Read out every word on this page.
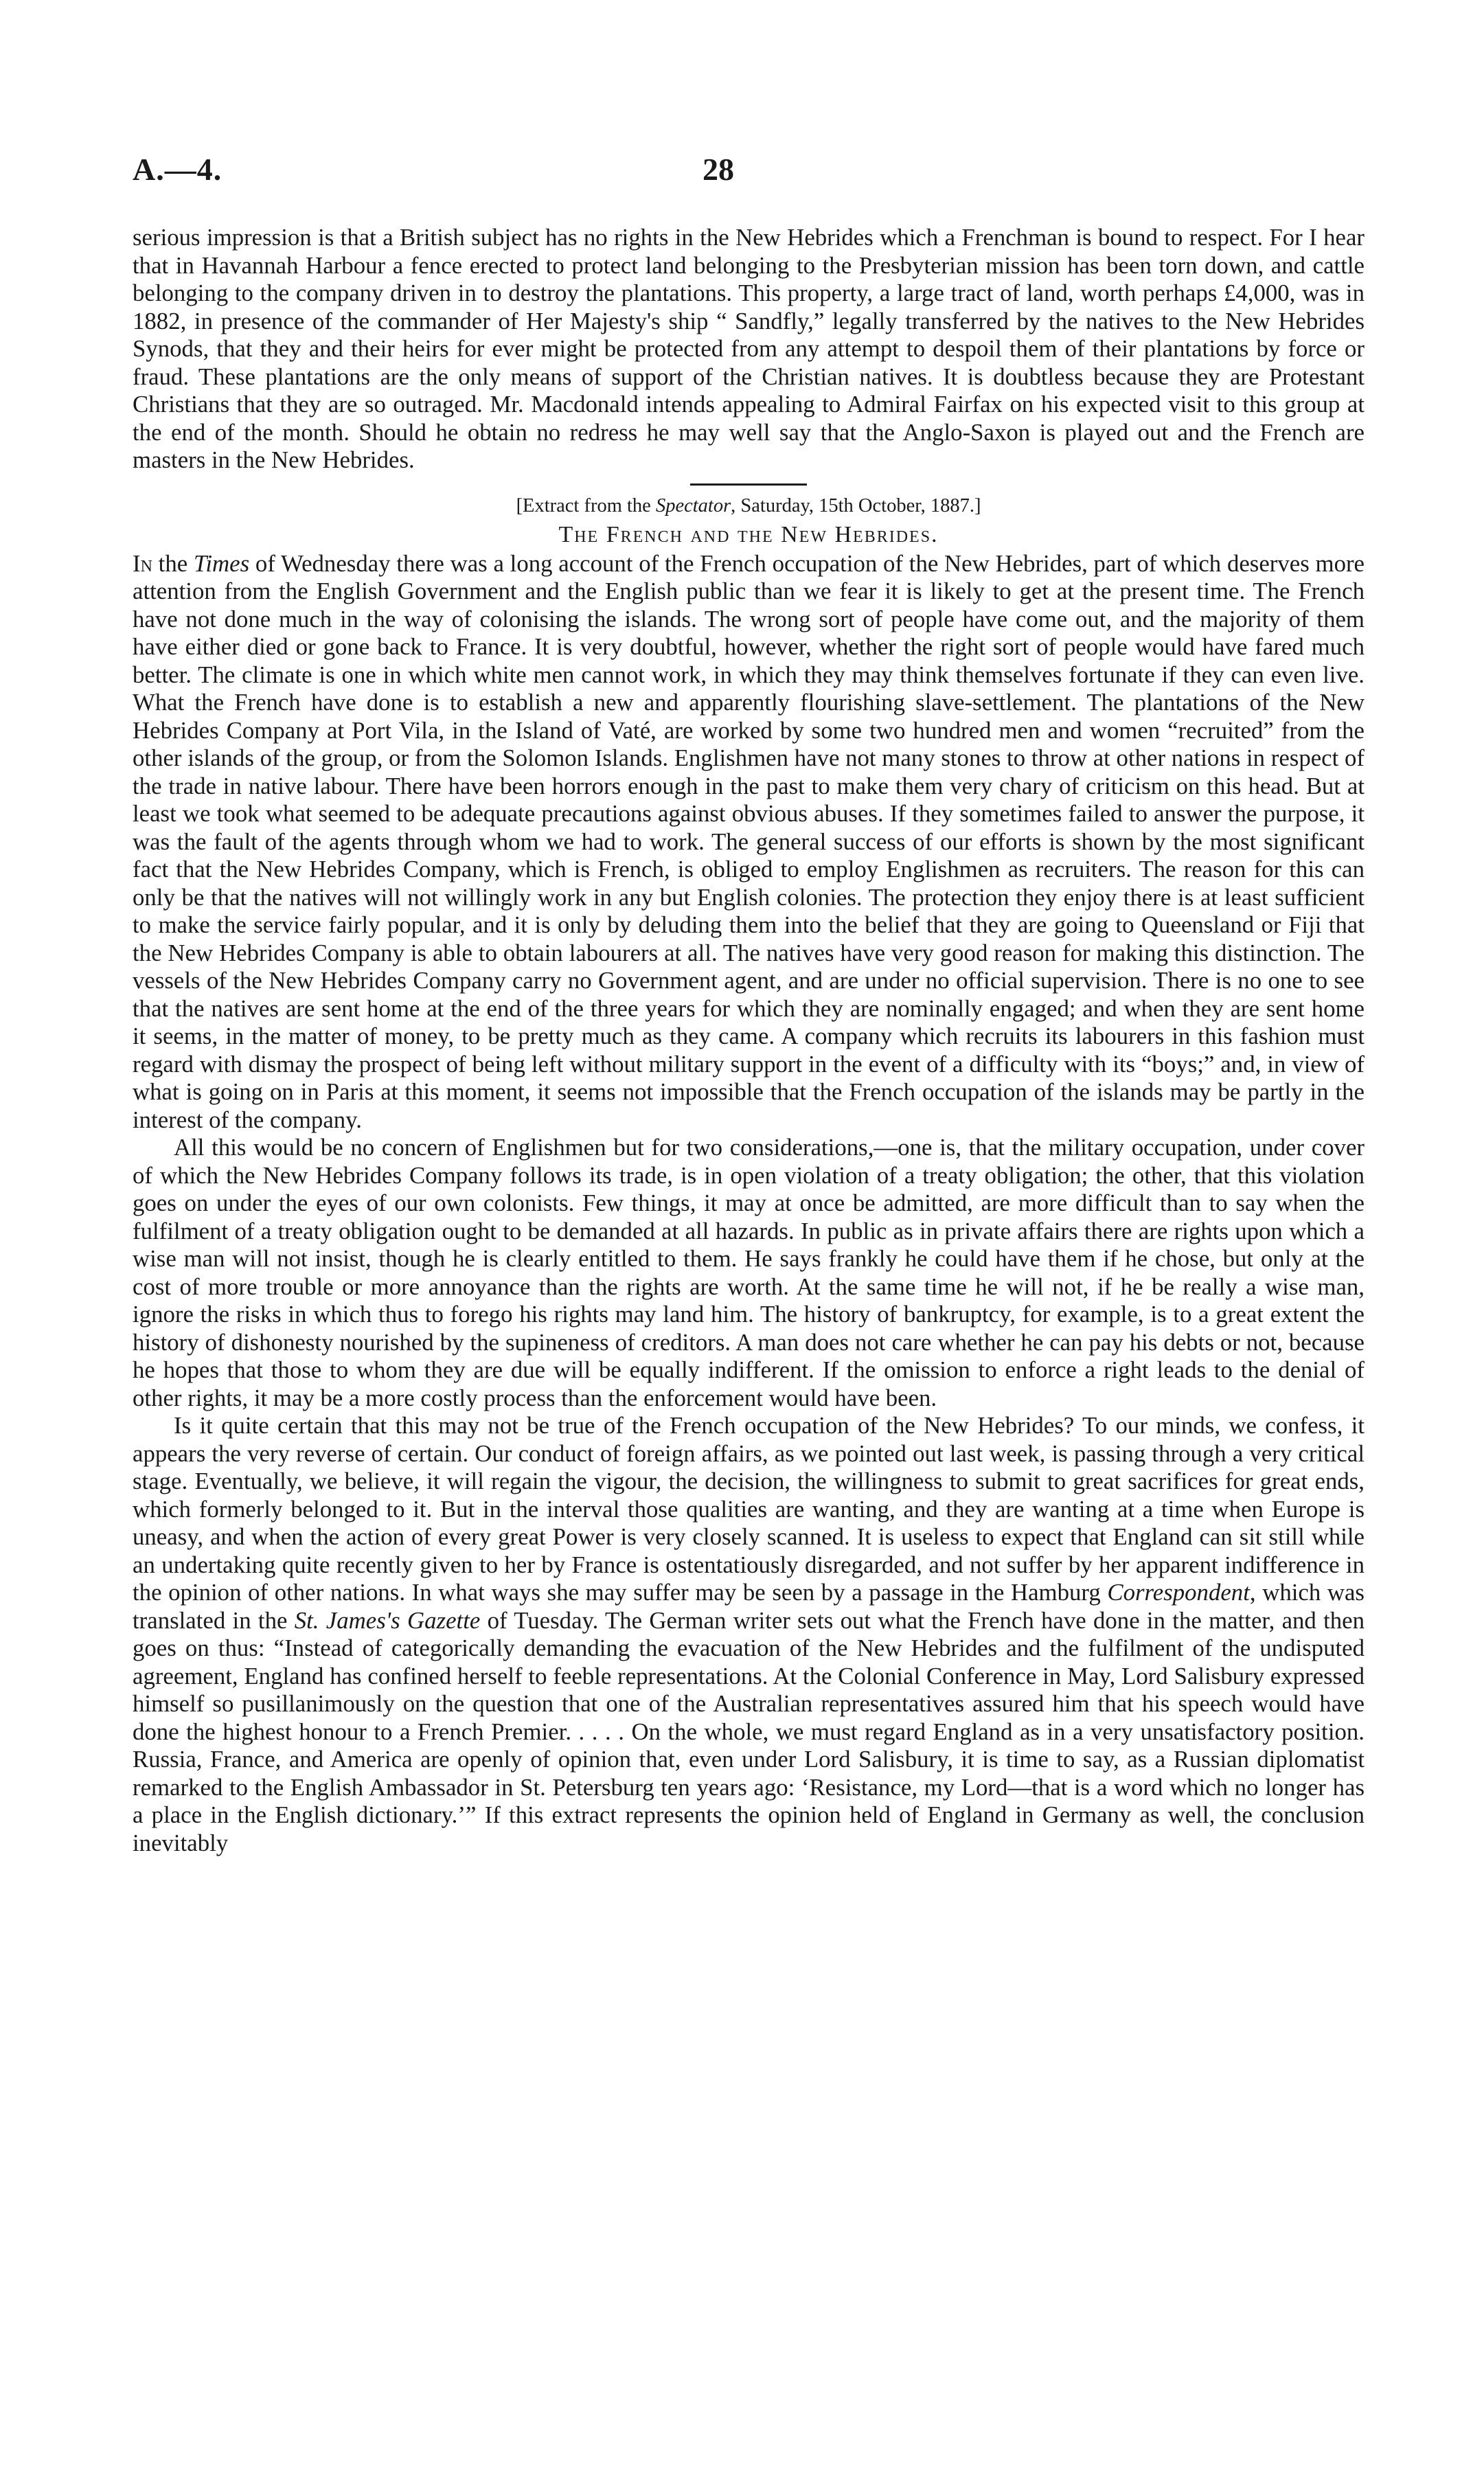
A.—4.	28

serious impression is that a British subject has no rights in the New Hebrides which a Frenchman is bound to respect. For I hear that in Havannah Harbour a fence erected to protect land belonging to the Presbyterian mission has been torn down, and cattle belonging to the company driven in to destroy the plantations. This property, a large tract of land, worth perhaps £4,000, was in 1882, in presence of the commander of Her Majesty's ship “ Sandfly,” legally transferred by the natives to the New Hebrides Synods, that they and their heirs for ever might be protected from any attempt to despoil them of their plantations by force or fraud. These plantations are the only means of support of the Christian natives. It is doubtless because they are Protestant Christians that they are so outraged. Mr. Macdonald intends appealing to Admiral Fairfax on his expected visit to this group at the end of the month. Should he obtain no redress he may well say that the Anglo-Saxon is played out and the French are masters in the New Hebrides.

[Extract from the Spectator, Saturday, 15th October, 1887.]
The French and the New Hebrides.

In the Times of Wednesday there was a long account of the French occupation of the New Hebrides, part of which deserves more attention from the English Government and the English public than we fear it is likely to get at the present time. The French have not done much in the way of colonising the islands. The wrong sort of people have come out, and the majority of them have either died or gone back to France. It is very doubtful, however, whether the right sort of people would have fared much better. The climate is one in which white men cannot work, in which they may think themselves fortunate if they can even live. What the French have done is to establish a new and apparently flourishing slave-settlement. The plantations of the New Hebrides Company at Port Vila, in the Island of Vaté, are worked by some two hundred men and women “recruited” from the other islands of the group, or from the Solomon Islands. Englishmen have not many stones to throw at other nations in respect of the trade in native labour. There have been horrors enough in the past to make them very chary of criticism on this head. But at least we took what seemed to be adequate precautions against obvious abuses. If they sometimes failed to answer the purpose, it was the fault of the agents through whom we had to work. The general success of our efforts is shown by the most significant fact that the New Hebrides Company, which is French, is obliged to employ Englishmen as recruiters. The reason for this can only be that the natives will not willingly work in any but English colonies. The protection they enjoy there is at least sufficient to make the service fairly popular, and it is only by deluding them into the belief that they are going to Queensland or Fiji that the New Hebrides Company is able to obtain labourers at all. The natives have very good reason for making this distinction. The vessels of the New Hebrides Company carry no Government agent, and are under no official supervision. There is no one to see that the natives are sent home at the end of the three years for which they are nominally engaged; and when they are sent home it seems, in the matter of money, to be pretty much as they came. A company which recruits its labourers in this fashion must regard with dismay the prospect of being left without military support in the event of a difficulty with its “boys;” and, in view of what is going on in Paris at this moment, it seems not impossible that the French occupation of the islands may be partly in the interest of the company.

All this would be no concern of Englishmen but for two considerations,—one is, that the military occupation, under cover of which the New Hebrides Company follows its trade, is in open violation of a treaty obligation; the other, that this violation goes on under the eyes of our own colonists. Few things, it may at once be admitted, are more difficult than to say when the fulfilment of a treaty obligation ought to be demanded at all hazards. In public as in private affairs there are rights upon which a wise man will not insist, though he is clearly entitled to them. He says frankly he could have them if he chose, but only at the cost of more trouble or more annoyance than the rights are worth. At the same time he will not, if he be really a wise man, ignore the risks in which thus to forego his rights may land him. The history of bankruptcy, for example, is to a great extent the history of dishonesty nourished by the supineness of creditors. A man does not care whether he can pay his debts or not, because he hopes that those to whom they are due will be equally indifferent. If the omission to enforce a right leads to the denial of other rights, it may be a more costly process than the enforcement would have been.

Is it quite certain that this may not be true of the French occupation of the New Hebrides? To our minds, we confess, it appears the very reverse of certain. Our conduct of foreign affairs, as we pointed out last week, is passing through a very critical stage. Eventually, we believe, it will regain the vigour, the decision, the willingness to submit to great sacrifices for great ends, which formerly belonged to it. But in the interval those qualities are wanting, and they are wanting at a time when Europe is uneasy, and when the action of every great Power is very closely scanned. It is useless to expect that England can sit still while an undertaking quite recently given to her by France is ostentatiously disregarded, and not suffer by her apparent indifference in the opinion of other nations. In what ways she may suffer may be seen by a passage in the Hamburg Correspondent, which was translated in the St. James's Gazette of Tuesday. The German writer sets out what the French have done in the matter, and then goes on thus: “Instead of categorically demanding the evacuation of the New Hebrides and the fulfilment of the undisputed agreement, England has confined herself to feeble representations. At the Colonial Conference in May, Lord Salisbury expressed himself so pusillanimously on the question that one of the Australian representatives assured him that his speech would have done the highest honour to a French Premier. . . . . On the whole, we must regard England as in a very unsatisfactory position. Russia, France, and America are openly of opinion that, even under Lord Salisbury, it is time to say, as a Russian diplomatist remarked to the English Ambassador in St. Petersburg ten years ago: ‘Resistance, my Lord—that is a word which no longer has a place in the English dictionary.’” If this extract represents the opinion held of England in Germany as well, the conclusion inevitably
